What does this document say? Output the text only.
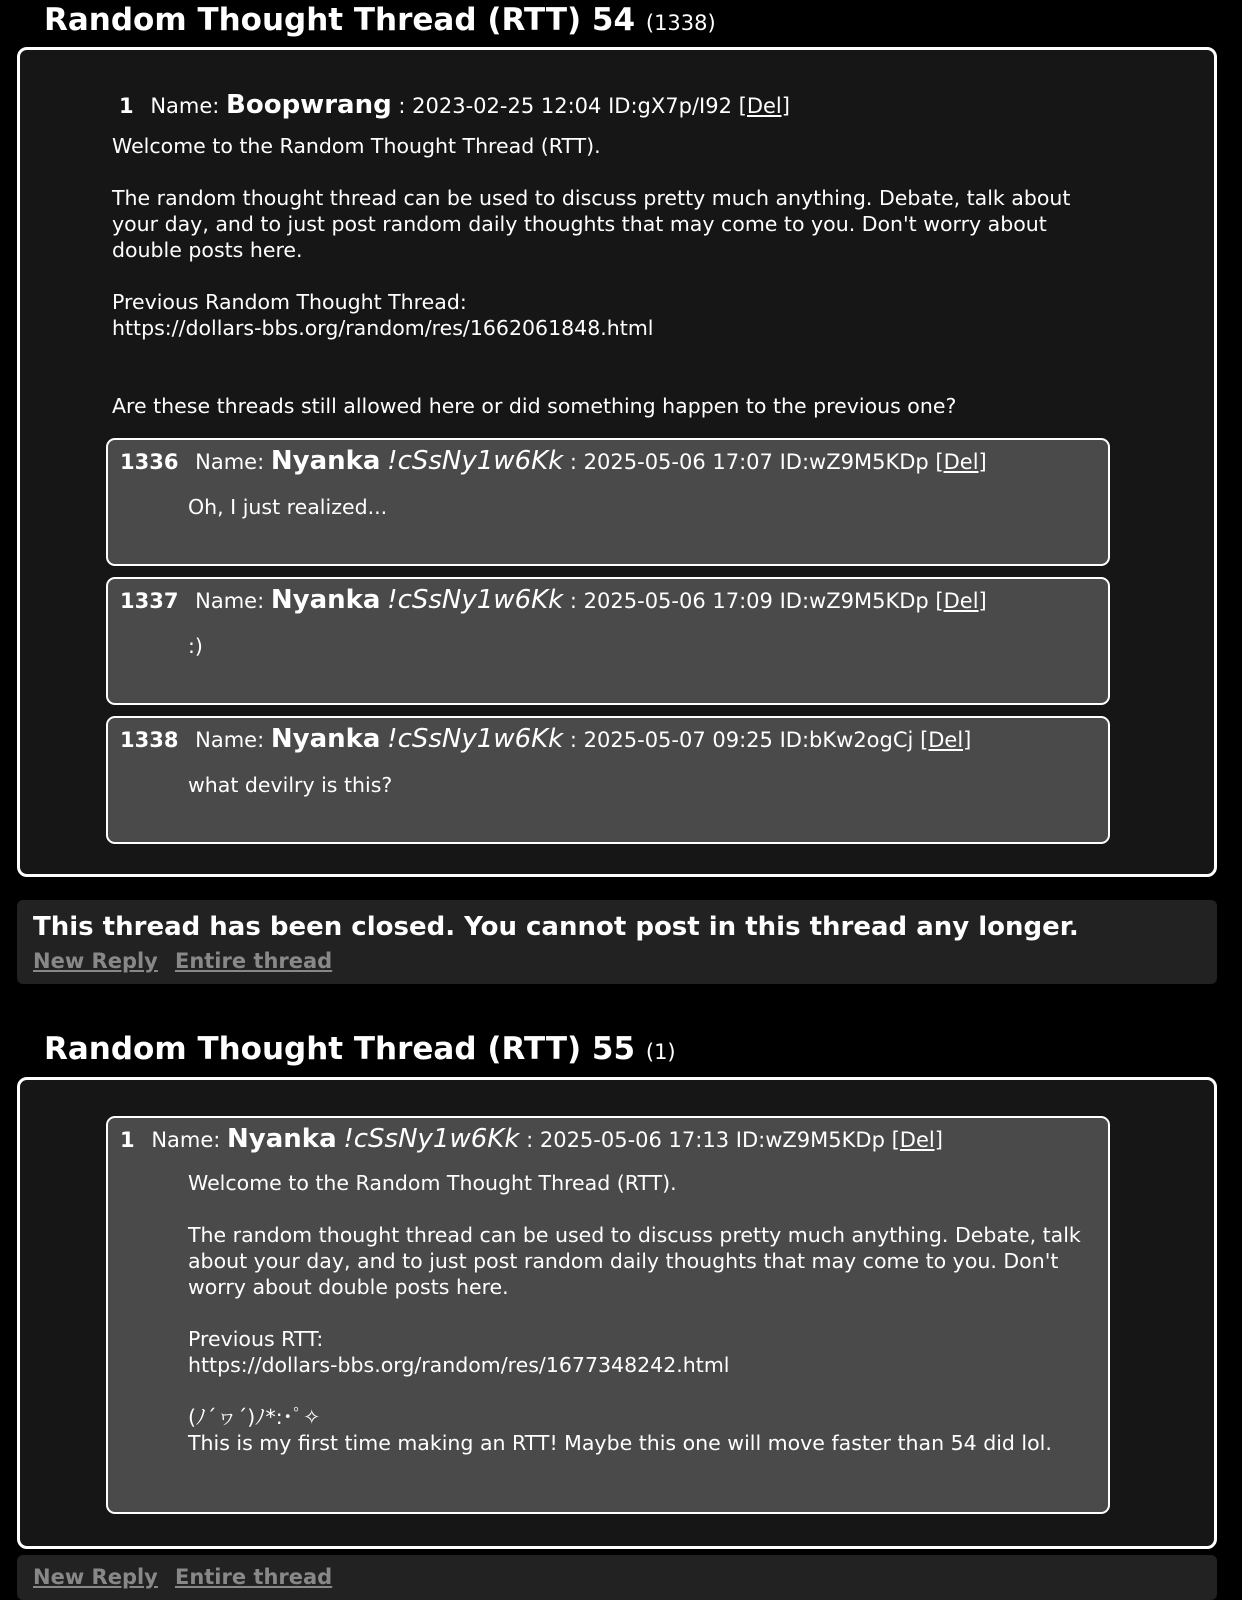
Random Thought Thread (RTT) 54 (1338)
1 Name: Boopwrang : 2023-02-25 12:04 ID:gX7p/I92 [Del]
Welcome to the Random Thought Thread (RTT).

The random thought thread can be used to discuss pretty much anything. Debate, talk about your day, and to just post random daily thoughts that may come to you. Don't worry about double posts here.

Previous Random Thought Thread:
https://dollars-bbs.org/random/res/1662061848.html

Are these threads still allowed here or did something happen to the previous one?
1336 Name: Nyanka !cSsNy1w6Kk : 2025-05-06 17:07 ID:wZ9M5KDp [Del]
Oh, I just realized...
1337 Name: Nyanka !cSsNy1w6Kk : 2025-05-06 17:09 ID:wZ9M5KDp [Del]
:)
1338 Name: Nyanka !cSsNy1w6Kk : 2025-05-07 09:25 ID:bKw2ogCj [Del]
what devilry is this?
This thread has been closed. You cannot post in this thread any longer.
New Reply Entire thread
Random Thought Thread (RTT) 55 (1)
1 Name: Nyanka !cSsNy1w6Kk : 2025-05-06 17:13 ID:wZ9M5KDp [Del]
Welcome to the Random Thought Thread (RTT).

The random thought thread can be used to discuss pretty much anything. Debate, talk about your day, and to just post random daily thoughts that may come to you. Don't worry about double posts here.

Previous RTT:
https://dollars-bbs.org/random/res/1677348242.html

(ﾉ´ヮ´)ﾉ*:･ﾟ✧
This is my first time making an RTT! Maybe this one will move faster than 54 did lol.
New Reply Entire thread
